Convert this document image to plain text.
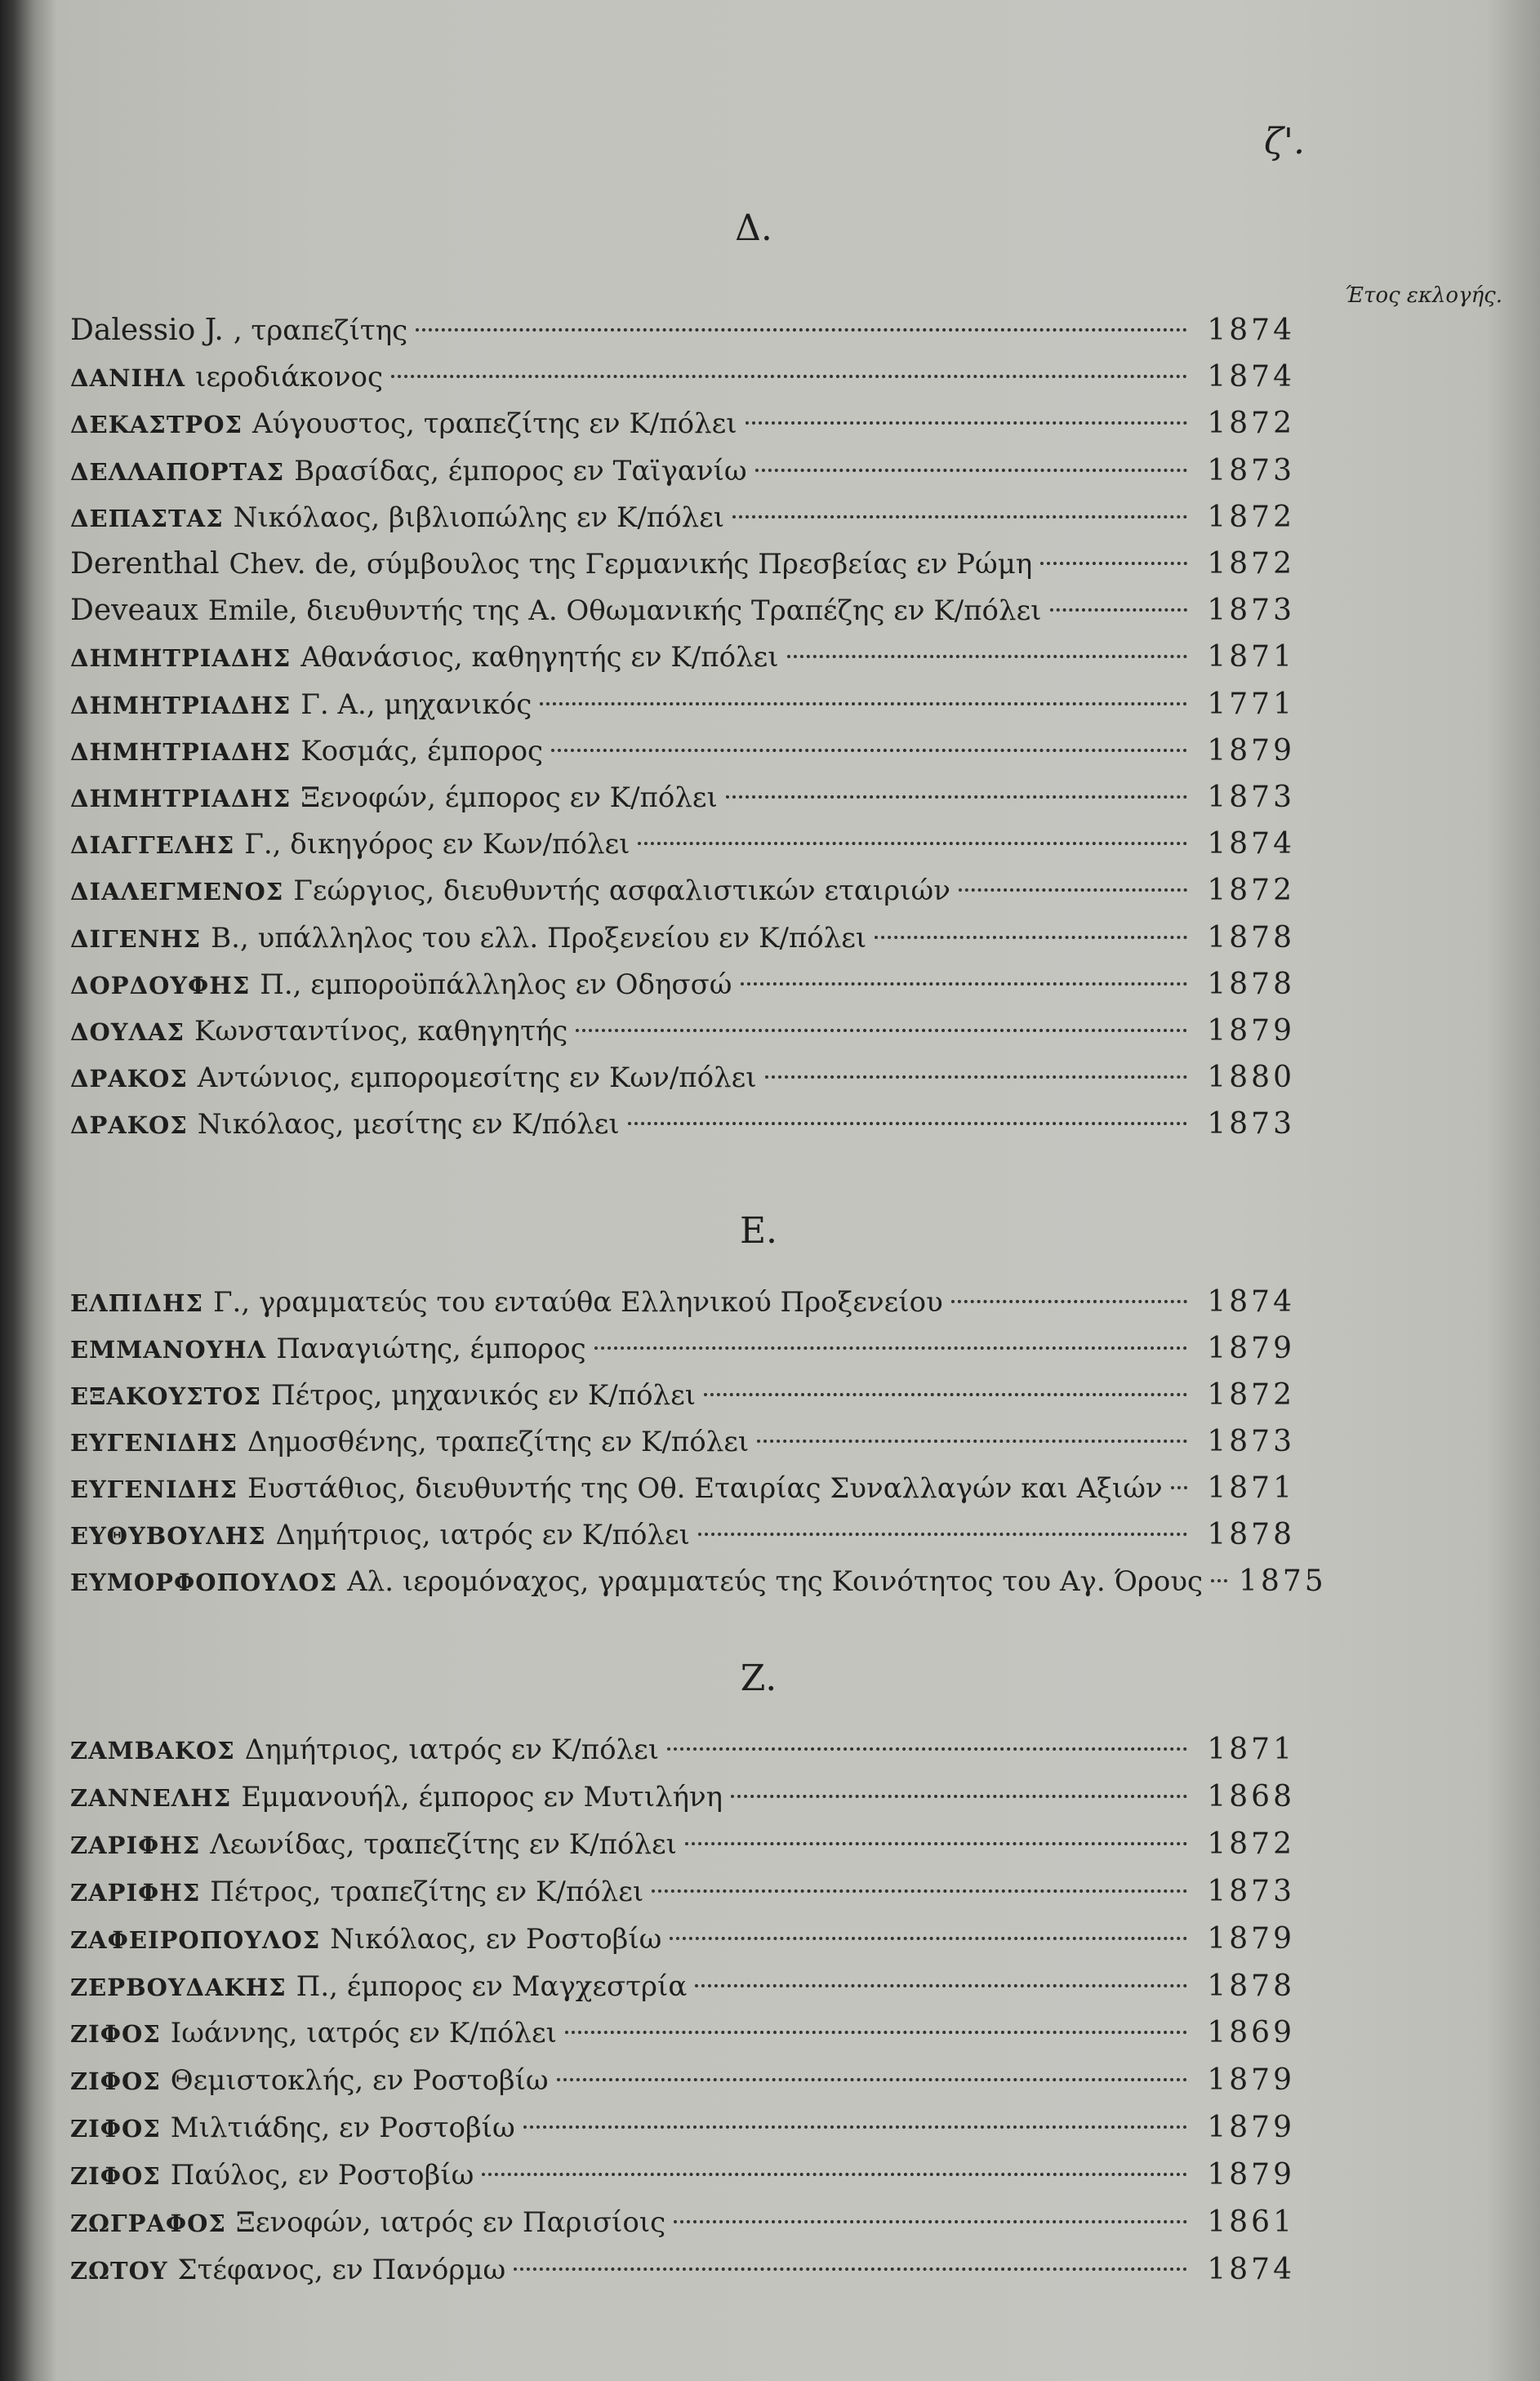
ζ'.
Δ.
Έτος εκλογής.
Ε.
Ζ.
Dalessio J. , τραπεζίτης	1874
ΔΑΝΙΗΛ ιεροδιάκονος	1874
ΔΕΚΑΣΤΡΟΣ Αύγουστος, τραπεζίτης εν Κ/πόλει	1872
ΔΕΛΛΑΠΟΡΤΑΣ Βρασίδας, έμπορος εν Ταϊγανίω	1873
ΔΕΠΑΣΤΑΣ Νικόλαος, βιβλιοπώλης εν Κ/πόλει	1872
Derenthal Chev. de, σύμβουλος της Γερμανικής Πρεσβείας εν Ρώμη	1872
Deveaux Emile, διευθυντής της Α. Οθωμανικής Τραπέζης εν Κ/πόλει	1873
ΔΗΜΗΤΡΙΑΔΗΣ Αθανάσιος, καθηγητής εν Κ/πόλει	1871
ΔΗΜΗΤΡΙΑΔΗΣ Γ. Α., μηχανικός	1771
ΔΗΜΗΤΡΙΑΔΗΣ Κοσμάς, έμπορος	1879
ΔΗΜΗΤΡΙΑΔΗΣ Ξενοφών, έμπορος εν Κ/πόλει	1873
ΔΙΑΓΓΕΛΗΣ Γ., δικηγόρος εν Κων/πόλει	1874
ΔΙΑΛΕΓΜΕΝΟΣ Γεώργιος, διευθυντής ασφαλιστικών εταιριών	1872
ΔΙΓΕΝΗΣ Β., υπάλληλος του ελλ. Προξενείου εν Κ/πόλει	1878
ΔΟΡΔΟΥΦΗΣ Π., εμποροϋπάλληλος εν Οδησσώ	1878
ΔΟΥΛΑΣ Κωνσταντίνος, καθηγητής	1879
ΔΡΑΚΟΣ Αντώνιος, εμπορομεσίτης εν Κων/πόλει	1880
ΔΡΑΚΟΣ Νικόλαος, μεσίτης εν Κ/πόλει	1873
ΕΛΠΙΔΗΣ Γ., γραμματεύς του ενταύθα Ελληνικού Προξενείου	1874
ΕΜΜΑΝΟΥΗΛ Παναγιώτης, έμπορος	1879
ΕΞΑΚΟΥΣΤΟΣ Πέτρος, μηχανικός εν Κ/πόλει	1872
ΕΥΓΕΝΙΔΗΣ Δημοσθένης, τραπεζίτης εν Κ/πόλει	1873
ΕΥΓΕΝΙΔΗΣ Ευστάθιος, διευθυντής της Οθ. Εταιρίας Συναλλαγών και Αξιών 1871
ΕΥΘΥΒΟΥΛΗΣ Δημήτριος, ιατρός εν Κ/πόλει	1878
ΕΥΜΟΡΦΟΠΟΥΛΟΣ Αλ. ιερομόναχος, γραμματεύς της Κοινότητος του Αγ. Όρους 1875
ΖΑΜΒΑΚΟΣ Δημήτριος, ιατρός εν Κ/πόλει	1871
ΖΑΝΝΕΛΗΣ Εμμανουήλ, έμπορος εν Μυτιλήνη	1868
ΖΑΡΙΦΗΣ Λεωνίδας, τραπεζίτης εν Κ/πόλει	1872
ΖΑΡΙΦΗΣ Πέτρος, τραπεζίτης εν Κ/πόλει	1873
ΖΑΦΕΙΡΟΠΟΥΛΟΣ Νικόλαος, εν Ροστοβίω	1879
ΖΕΡΒΟΥΔΑΚΗΣ Π., έμπορος εν Μαγχεστρία	1878
ΖΙΦΟΣ Ιωάννης, ιατρός εν Κ/πόλει	1869
ΖΙΦΟΣ Θεμιστοκλής, εν Ροστοβίω	1879
ΖΙΦΟΣ Μιλτιάδης, εν Ροστοβίω	1879
ΖΙΦΟΣ Παύλος, εν Ροστοβίω	1879
ΖΩΓΡΑΦΟΣ Ξενοφών, ιατρός εν Παρισίοις	1861
ΖΩΤΟΥ Στέφανος, εν Πανόρμω	1874
